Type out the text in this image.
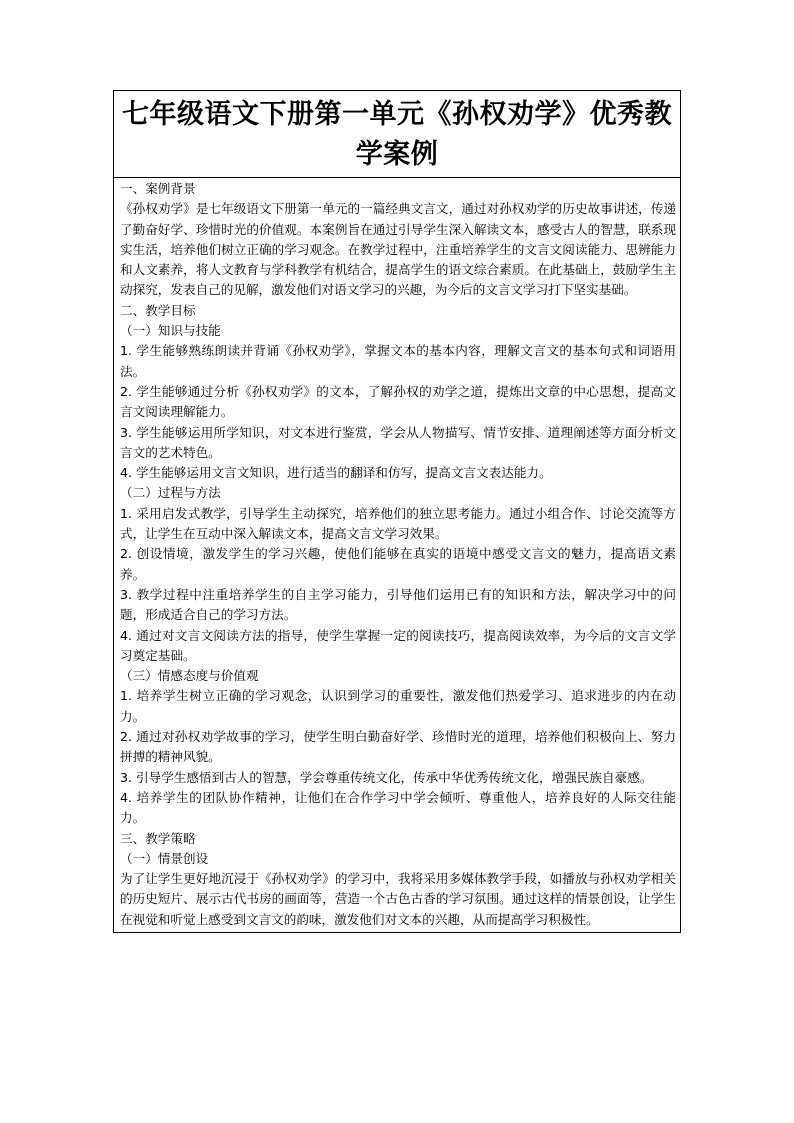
七年级语文下册第一单元《孙权劝学》优秀教学案例

一、案例背景

《孙权劝学》是七年级语文下册第一单元的一篇经典文言文，通过对孙权劝学的历史故事讲述，传递了勤奋好学、珍惜时光的价值观。本案例旨在通过引导学生深入解读文本，感受古人的智慧，联系现实生活，培养他们树立正确的学习观念。在教学过程中，注重培养学生的文言文阅读能力、思辨能力和人文素养，将人文教育与学科教学有机结合，提高学生的语文综合素质。在此基础上，鼓励学生主动探究，发表自己的见解，激发他们对语文学习的兴趣，为今后的文言文学习打下坚实基础。

二、教学目标

（一）知识与技能

1. 学生能够熟练朗读并背诵《孙权劝学》，掌握文本的基本内容，理解文言文的基本句式和词语用法。

2. 学生能够通过分析《孙权劝学》的文本，了解孙权的劝学之道，提炼出文章的中心思想，提高文言文阅读理解能力。

3. 学生能够运用所学知识，对文本进行鉴赏，学会从人物描写、情节安排、道理阐述等方面分析文言文的艺术特色。

4. 学生能够运用文言文知识，进行适当的翻译和仿写，提高文言文表达能力。

（二）过程与方法

1. 采用启发式教学，引导学生主动探究，培养他们的独立思考能力。通过小组合作、讨论交流等方式，让学生在互动中深入解读文本，提高文言文学习效果。

2. 创设情境，激发学生的学习兴趣，使他们能够在真实的语境中感受文言文的魅力，提高语文素养。

3. 教学过程中注重培养学生的自主学习能力，引导他们运用已有的知识和方法，解决学习中的问题，形成适合自己的学习方法。

4. 通过对文言文阅读方法的指导，使学生掌握一定的阅读技巧，提高阅读效率，为今后的文言文学习奠定基础。

（三）情感态度与价值观

1. 培养学生树立正确的学习观念，认识到学习的重要性，激发他们热爱学习、追求进步的内在动力。

2. 通过对孙权劝学故事的学习，使学生明白勤奋好学、珍惜时光的道理，培养他们积极向上、努力拼搏的精神风貌。

3. 引导学生感悟到古人的智慧，学会尊重传统文化，传承中华优秀传统文化，增强民族自豪感。

4. 培养学生的团队协作精神，让他们在合作学习中学会倾听、尊重他人，培养良好的人际交往能力。

三、教学策略

（一）情景创设

为了让学生更好地沉浸于《孙权劝学》的学习中，我将采用多媒体教学手段，如播放与孙权劝学相关的历史短片、展示古代书房的画面等，营造一个古色古香的学习氛围。通过这样的情景创设，让学生在视觉和听觉上感受到文言文的韵味，激发他们对文本的兴趣，从而提高学习积极性。
